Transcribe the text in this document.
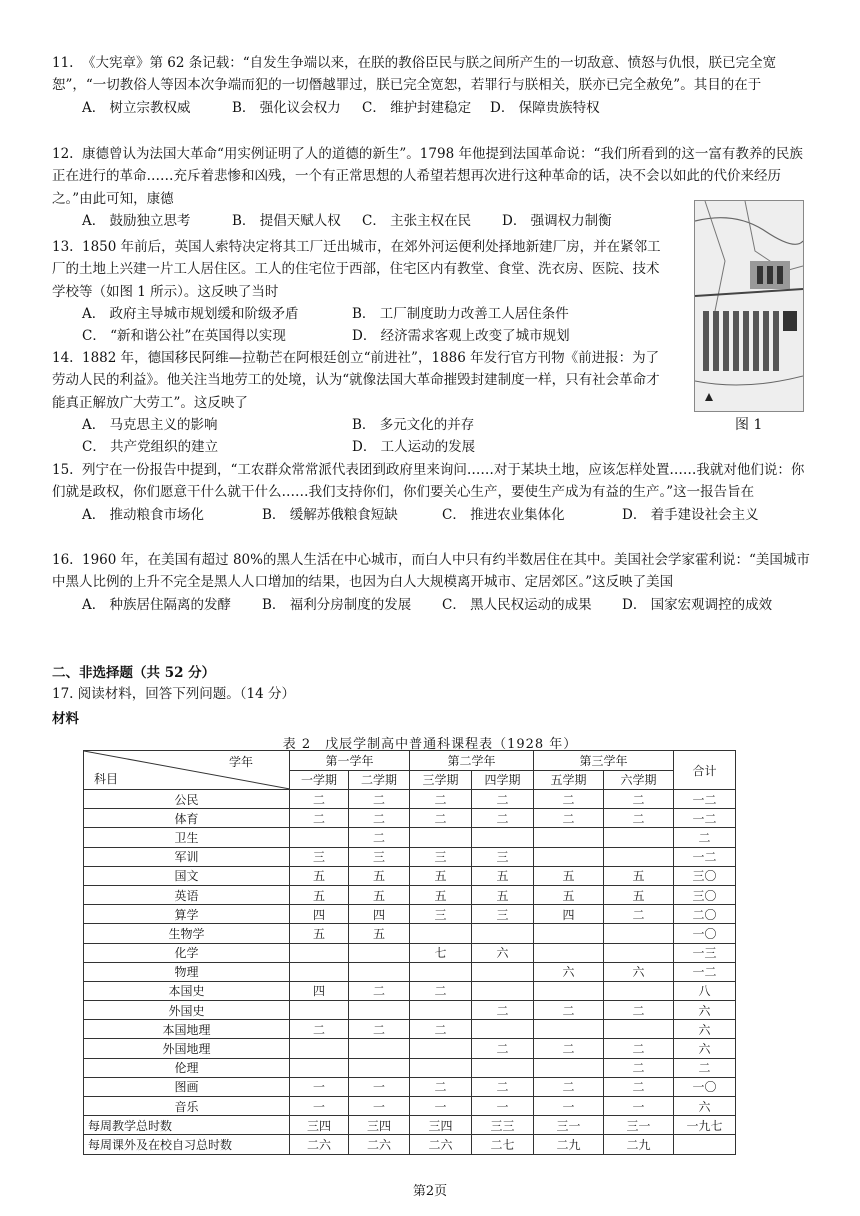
11. 《大宪章》第 62 条记载：“自发生争端以来，在朕的教俗臣民与朕之间所产生的一切敌意、愤怒与仇恨，朕已完全宽恕”，“一切教俗人等因本次争端而犯的一切僭越罪过，朕已完全宽恕，若罪行与朕相关，朕亦已完全赦免”。其目的在于
A． 树立宗教权威	B． 强化议会权力 C． 维护封建稳定 D． 保障贵族特权
12. 康德曾认为法国大革命“用实例证明了人的道德的新生”。1798 年他提到法国革命说：“我们所看到的这一富有教养的民族正在进行的革命……充斥着悲惨和凶残，一个有正常思想的人希望若想再次进行这种革命的话，决不会以如此的代价来经历之。”由此可知，康德
A． 鼓励独立思考	B． 提倡天赋人权 C． 主张主权在民 D． 强调权力制衡
图 1
13. 1850 年前后，英国人索特决定将其工厂迁出城市，在郊外河运便利处择地新建厂房，并在紧邻工厂的土地上兴建一片工人居住区。工人的住宅位于西部，住宅区内有教堂、食堂、洗衣房、医院、技术学校等（如图 1 所示）。这反映了当时
A． 政府主导城市规划缓和阶级矛盾	B． 工厂制度助力改善工人居住条件
C． “新和谐公社”在英国得以实现	D． 经济需求客观上改变了城市规划
14. 1882 年，德国移民阿维—拉勒芒在阿根廷创立“前进社”，1886 年发行官方刊物《前进报：为了劳动人民的利益》。他关注当地劳工的处境，认为“就像法国大革命摧毁封建制度一样，只有社会革命才能真正解放广大劳工”。这反映了
A． 马克思主义的影响	B． 多元文化的并存
C． 共产党组织的建立	D． 工人运动的发展
15. 列宁在一份报告中提到，“工农群众常常派代表团到政府里来询问……对于某块土地，应该怎样处置……我就对他们说：你们就是政权，你们愿意干什么就干什么……我们支持你们，你们要关心生产，要使生产成为有益的生产。”这一报告旨在
A． 推动粮食市场化	B． 缓解苏俄粮食短缺	C． 推进农业集体化	D． 着手建设社会主义
16. 1960 年，在美国有超过 80%的黑人生活在中心城市，而白人中只有约半数居住在其中。美国社会学家霍利说：“美国城市中黑人比例的上升不完全是黑人人口增加的结果，也因为白人大规模离开城市、定居郊区。”这反映了美国
A． 种族居住隔离的发酵 B． 福利分房制度的发展 C． 黑人民权运动的成果 D． 国家宏观调控的成效
二、非选择题（共 52 分）
17. 阅读材料，回答下列问题。（14 分）
材料
表 2　戊辰学制高中普通科课程表（1928 年）
学年
科目	第一学年		第二学年		第三学年		合计
	一学期	二学期	三学期	四学期	五学期	六学期	
公民	二	二	二	二	二	二	一二
体育	二	二	二	二	二	二	一二
卫生		二					二
军训	三	三	三	三			一二
国文	五	五	五	五	五	五	三〇
英语	五	五	五	五	五	五	三〇
算学	四	四	三	三	四	二	二〇
生物学	五	五					一〇
化学			七	六			一三
物理					六	六	一二
本国史	四	二	二				八
外国史				二	二	二	六
本国地理	二	二	二				六
外国地理				二	二	二	六
伦理						二	二
图画	一	一	二	二	二	二	一〇
音乐	一	一	一	一	一	一	六
每周教学总时数	三四	三四	三四	三三	三一	三一	一九七
每周课外及在校自习总时数	二六	二六	二六	二七	二九	二九	
第2页
